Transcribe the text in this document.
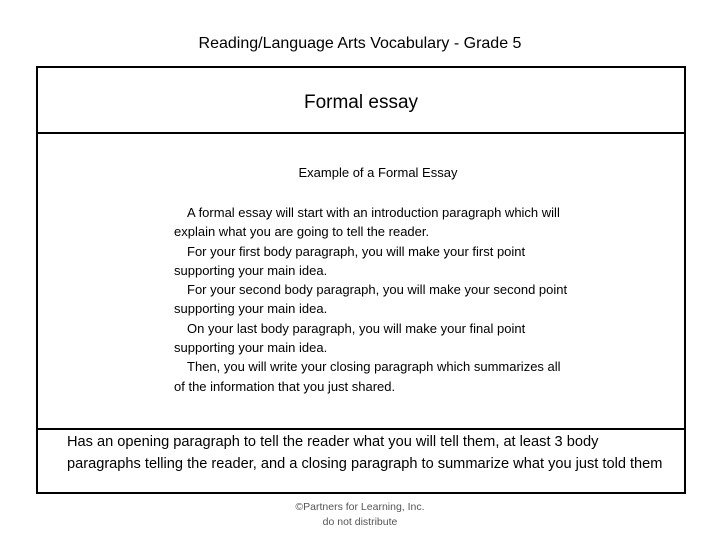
Reading/Language Arts Vocabulary - Grade 5
Formal essay
Example of a Formal Essay

A formal essay will start with an introduction paragraph which will explain what you are going to tell the reader.

For your first body paragraph, you will make your first point supporting your main idea.

For your second body paragraph, you will make your second point supporting your main idea.

On your last body paragraph, you will make your final point supporting your main idea.

Then, you will write your closing paragraph which summarizes all of the information that you just shared.

Has an opening paragraph to tell the reader what you will tell them, at least 3 body paragraphs telling the reader, and a closing paragraph to summarize what you just told them
©Partners for Learning, Inc.
do not distribute
